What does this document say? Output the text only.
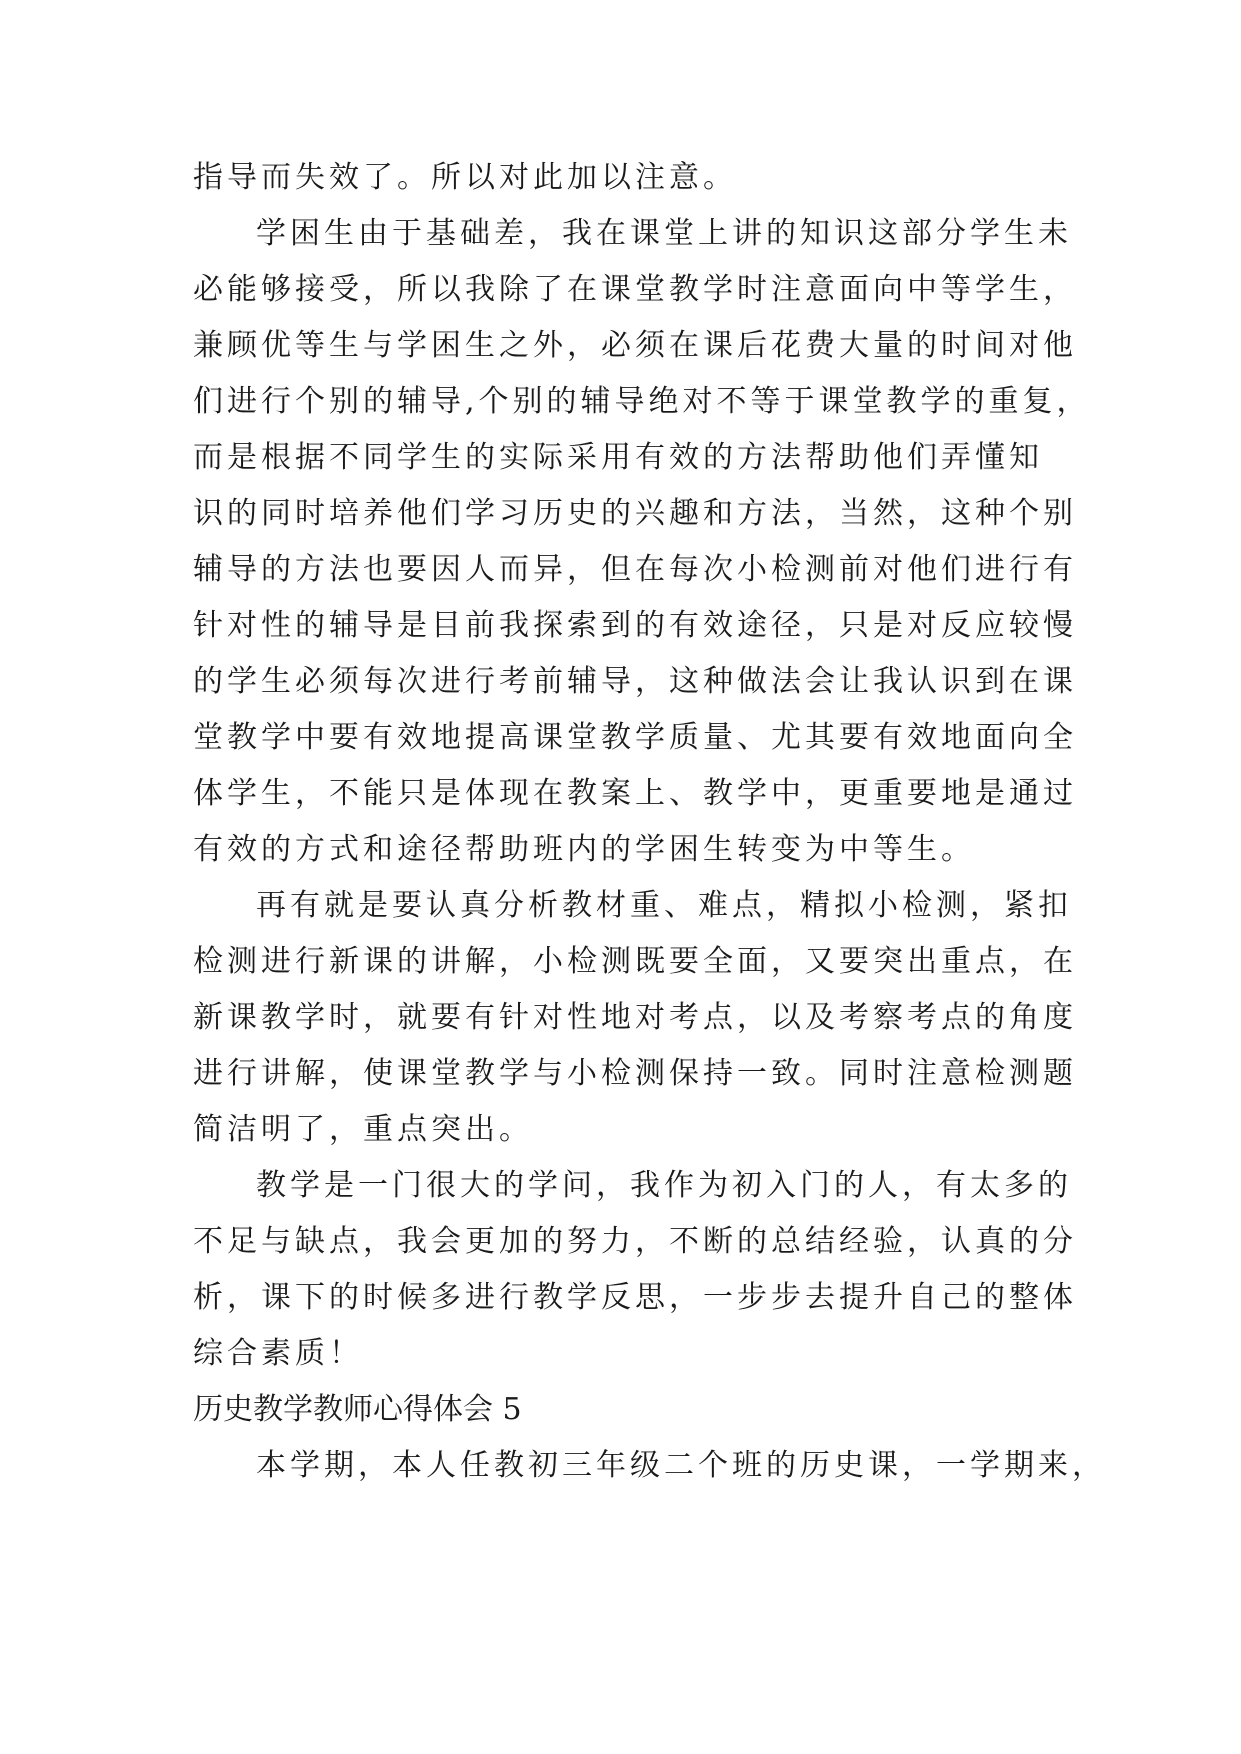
指导而失效了。所以对此加以注意。
学困生由于基础差，我在课堂上讲的知识这部分学生未
必能够接受，所以我除了在课堂教学时注意面向中等学生，
兼顾优等生与学困生之外，必须在课后花费大量的时间对他
们进行个别的辅导,个别的辅导绝对不等于课堂教学的重复，
而是根据不同学生的实际采用有效的方法帮助他们弄懂知
识的同时培养他们学习历史的兴趣和方法，当然，这种个别
辅导的方法也要因人而异，但在每次小检测前对他们进行有
针对性的辅导是目前我探索到的有效途径，只是对反应较慢
的学生必须每次进行考前辅导，这种做法会让我认识到在课
堂教学中要有效地提高课堂教学质量、尤其要有效地面向全
体学生，不能只是体现在教案上、教学中，更重要地是通过
有效的方式和途径帮助班内的学困生转变为中等生。
再有就是要认真分析教材重、难点，精拟小检测，紧扣
检测进行新课的讲解，小检测既要全面，又要突出重点，在
新课教学时，就要有针对性地对考点，以及考察考点的角度
进行讲解，使课堂教学与小检测保持一致。同时注意检测题
简洁明了，重点突出。
教学是一门很大的学问，我作为初入门的人，有太多的
不足与缺点，我会更加的努力，不断的总结经验，认真的分
析，课下的时候多进行教学反思，一步步去提升自己的整体
综合素质！
历史教学教师心得体会 5
本学期，本人任教初三年级二个班的历史课，一学期来，
